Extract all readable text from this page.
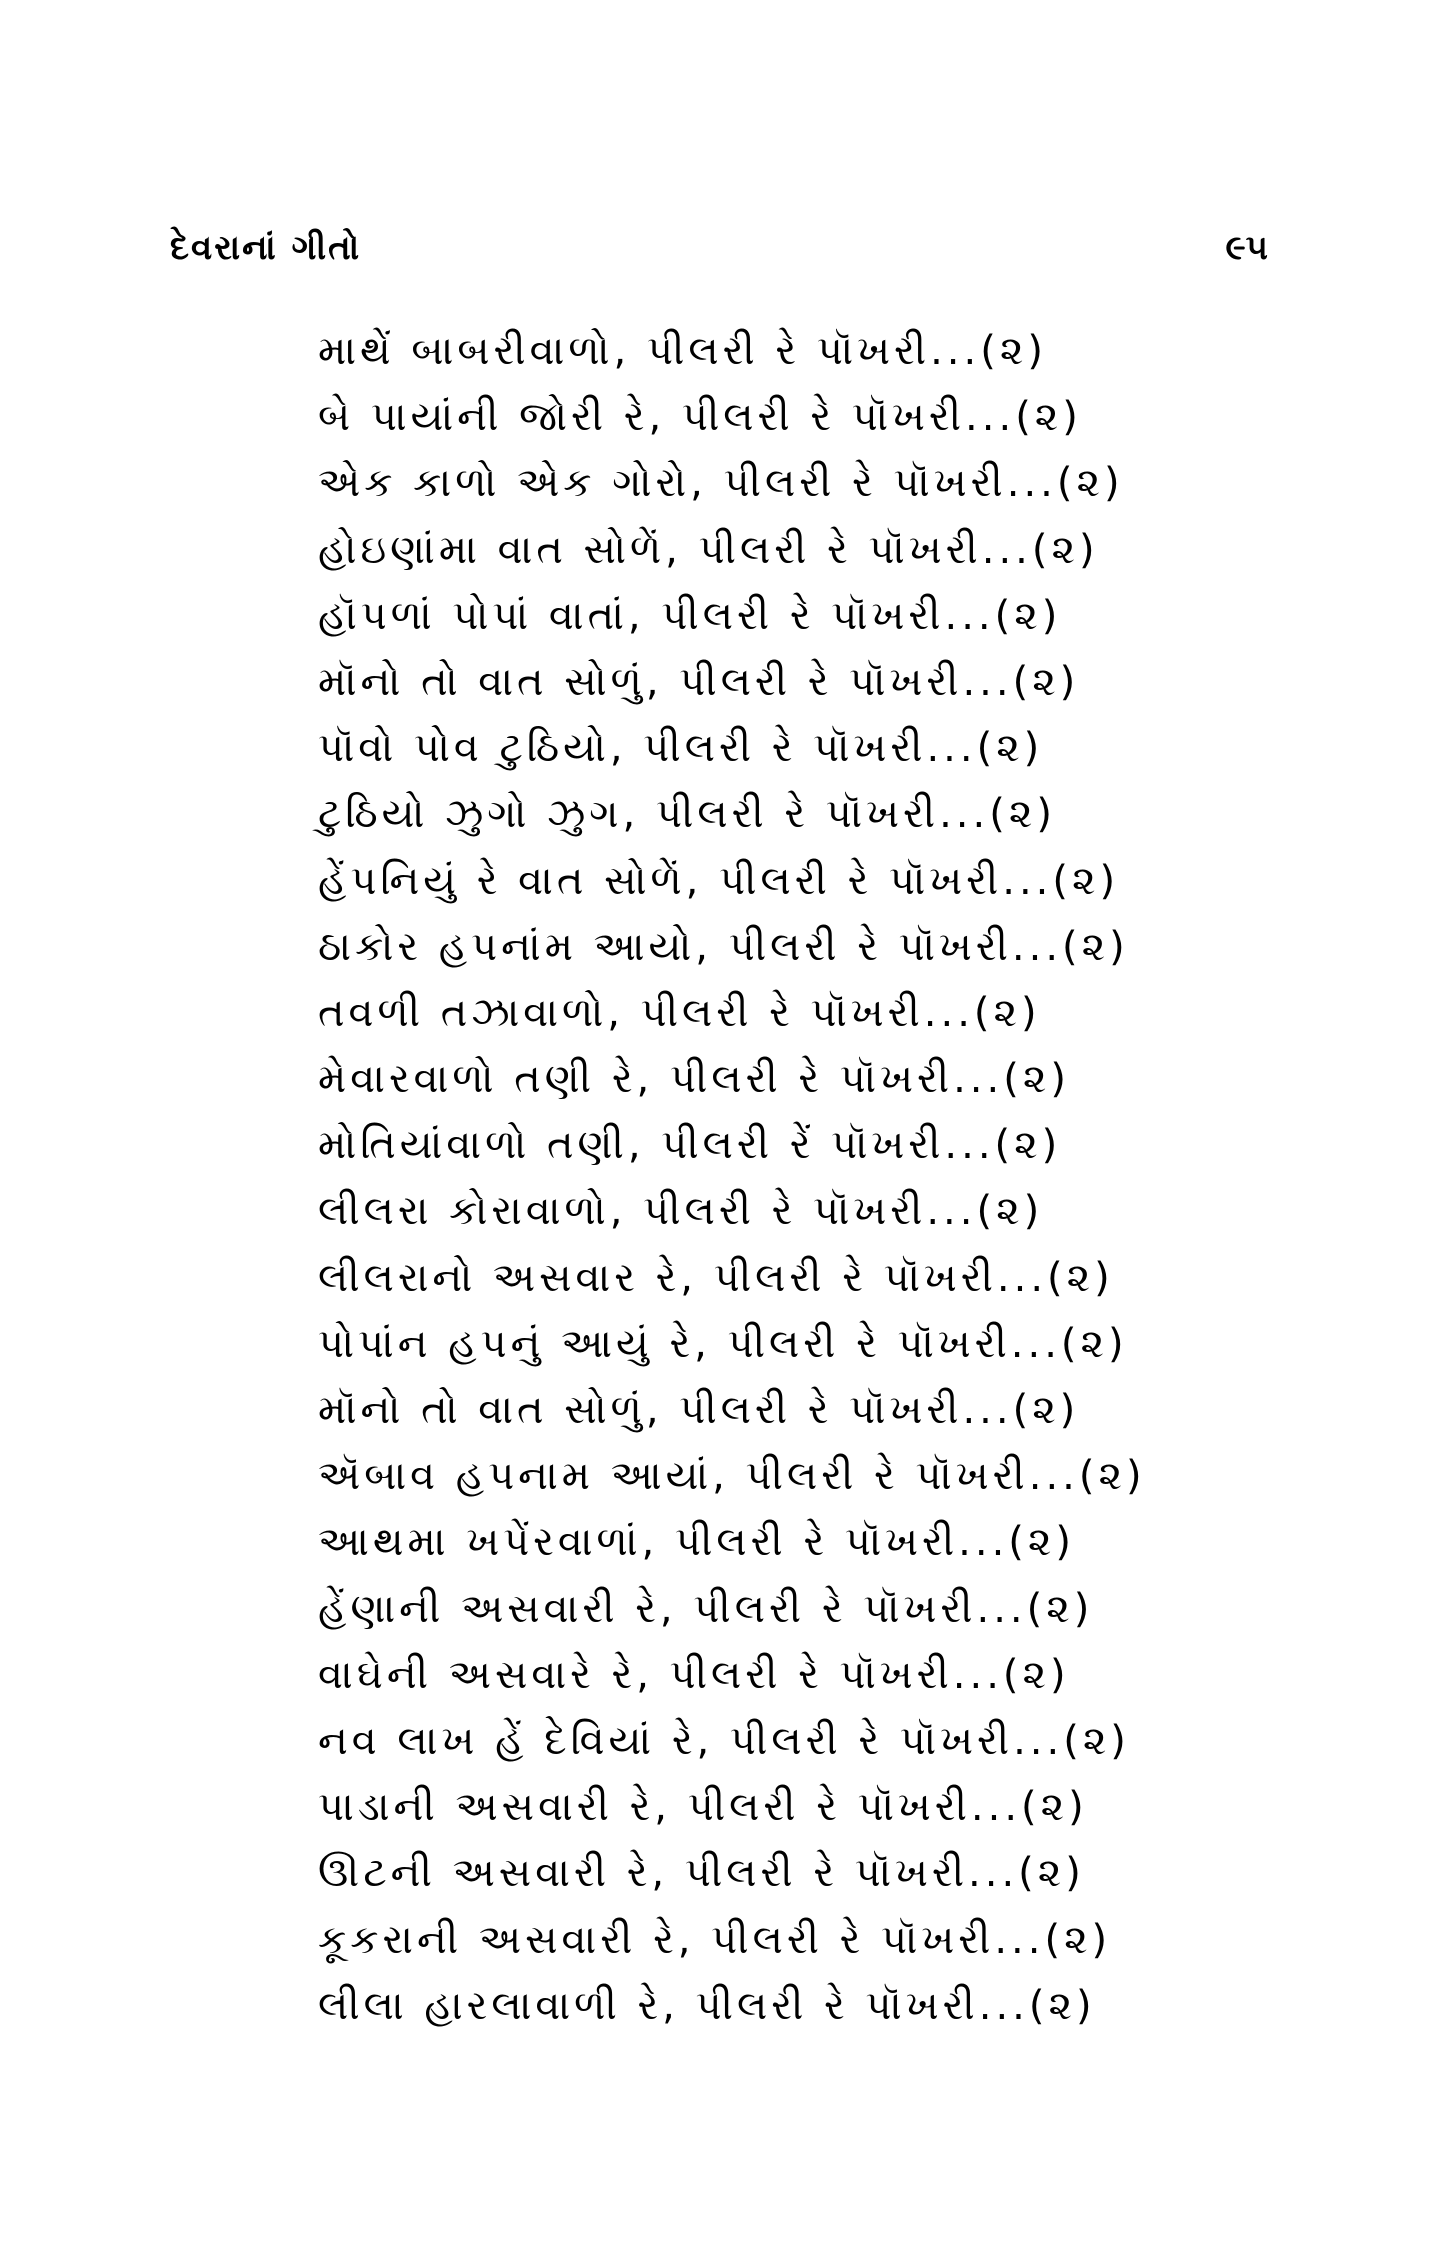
દેવરાનાં ગીતો	૯૫
માથેં બાબરીવાળો, પીલરી રે પૉખરી...(૨)
બે પાયાંની જોરી રે, પીલરી રે પૉખરી...(૨)
એક કાળો એક ગોરો, પીલરી રે પૉખરી...(૨)
હોઇણાંમા વાત સોળેં, પીલરી રે પૉખરી...(૨)
હૉપળાં પોપાં વાતાં, પીલરી રે પૉખરી...(૨)
મૉનો તો વાત સોળું, પીલરી રે પૉખરી...(૨)
પૉવો પોવ ટુઠિયો, પીલરી રે પૉખરી...(૨)
ટુઠિયો ઝુગો ઝુગ, પીલરી રે પૉખરી...(૨)
હેંપનિયું રે વાત સોળેં, પીલરી રે પૉખરી...(૨)
ઠાકોર હપનાંમ આયો, પીલરી રે પૉખરી...(૨)
તવળી તઝાવાળો, પીલરી રે પૉખરી...(૨)
મેવારવાળો તણી રે, પીલરી રે પૉખરી...(૨)
મોતિયાંવાળો તણી, પીલરી રેં પૉખરી...(૨)
લીલરા કોરાવાળો, પીલરી રે પૉખરી...(૨)
લીલરાનો અસવાર રે, પીલરી રે પૉખરી...(૨)
પોપાંન હપનું આયું રે, પીલરી રે પૉખરી...(૨)
મૉનો તો વાત સોળું, પીલરી રે પૉખરી...(૨)
ઍબાવ હપનામ આયાં, પીલરી રે પૉખરી...(૨)
આથમા ખપેંરવાળાં, પીલરી રે પૉખરી...(૨)
હેંણાની અસવારી રે, પીલરી રે પૉખરી...(૨)
વાઘેની અસવારે રે, પીલરી રે પૉખરી...(૨)
નવ લાખ હેં દેવિયાં રે, પીલરી રે પૉખરી...(૨)
પાડાની અસવારી રે, પીલરી રે પૉખરી...(૨)
ઊટની અસવારી રે, પીલરી રે પૉખરી...(૨)
કૂકરાની અસવારી રે, પીલરી રે પૉખરી...(૨)
લીલા હારલાવાળી રે, પીલરી રે પૉખરી...(૨)
